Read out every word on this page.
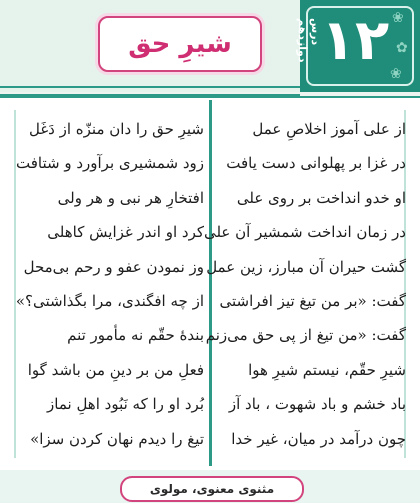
شیرِ حق
❀
✿
❀
درس دوازدهم ۱۲
از علی آموز اخلاصِ عمل
در غزا بر پهلوانی دست یافت
او خدو انداخت بر روی علی
در زمان انداخت شمشیر آن علی
گشت حیران آن مبارز، زین عمل
گفت: «بر من تیغ تیز افراشتی
گفت: «من تیغ از پی حق می‌زنم
شیرِ حقّم، نیستم شیرِ هوا
باد خشم و باد شهوت ، باد آز
چون درآمد در میان، غیر خدا
شیرِ حق را دان منزّه از دَغَل
زود شمشیری برآورد و شتافت
افتخارِ هر نبی و هر ولی
کرد او اندر غزایش کاهلی
وز نمودن عفو و رحم بی‌محل
از چه افگندی، مرا بگذاشتی؟»
بندهٔ حقّم نه مأمور تنم
فعلِ من بر دینِ من باشد گوا
بُرد او را که نَبُود اهلِ نماز
تیغ را دیدم نهان کردن سزا»
مثنوی معنوی، مولوی
